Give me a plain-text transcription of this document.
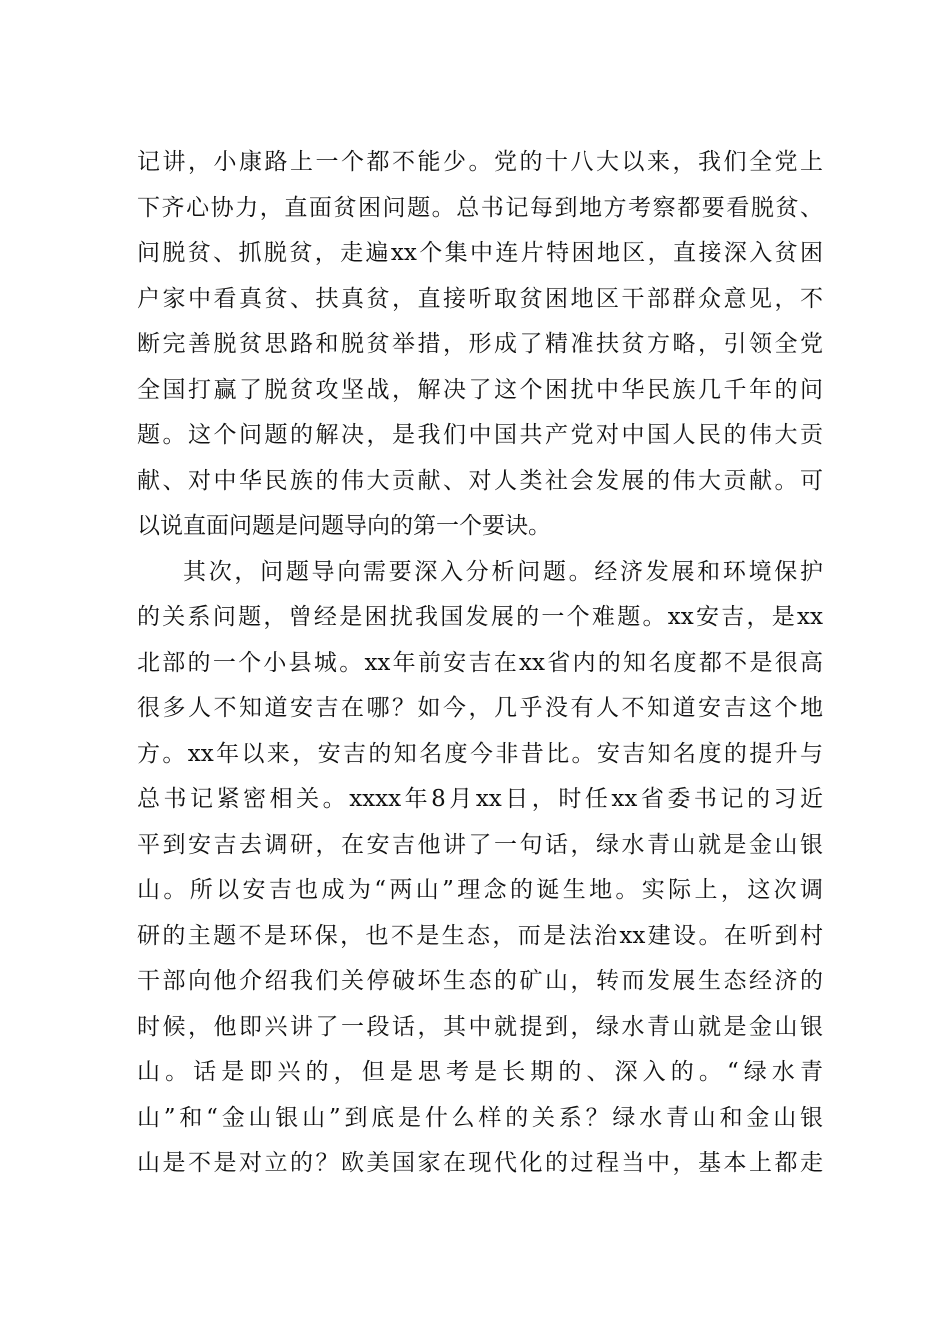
记讲，小康路上一个都不能少。党的十八大以来，我们全党上
下齐心协力，直面贫困问题。总书记每到地方考察都要看脱贫、
问脱贫、抓脱贫，走遍xx个集中连片特困地区，直接深入贫困
户家中看真贫、扶真贫，直接听取贫困地区干部群众意见，不
断完善脱贫思路和脱贫举措，形成了精准扶贫方略，引领全党
全国打赢了脱贫攻坚战，解决了这个困扰中华民族几千年的问
题。这个问题的解决，是我们中国共产党对中国人民的伟大贡
献、对中华民族的伟大贡献、对人类社会发展的伟大贡献。可
以说直面问题是问题导向的第一个要诀。
其次，问题导向需要深入分析问题。经济发展和环境保护
的关系问题，曾经是困扰我国发展的一个难题。xx安吉，是xx
北部的一个小县城。xx年前安吉在xx省内的知名度都不是很高
很多人不知道安吉在哪？如今，几乎没有人不知道安吉这个地
方。xx年以来，安吉的知名度今非昔比。安吉知名度的提升与
总书记紧密相关。xxxx年8月xx日，时任xx省委书记的习近
平到安吉去调研，在安吉他讲了一句话，绿水青山就是金山银
山。所以安吉也成为“两山”理念的诞生地。实际上，这次调
研的主题不是环保，也不是生态，而是法治xx建设。在听到村
干部向他介绍我们关停破坏生态的矿山，转而发展生态经济的
时候，他即兴讲了一段话，其中就提到，绿水青山就是金山银
山。话是即兴的，但是思考是长期的、深入的。“绿水青
山”和“金山银山”到底是什么样的关系？绿水青山和金山银
山是不是对立的？欧美国家在现代化的过程当中，基本上都走
